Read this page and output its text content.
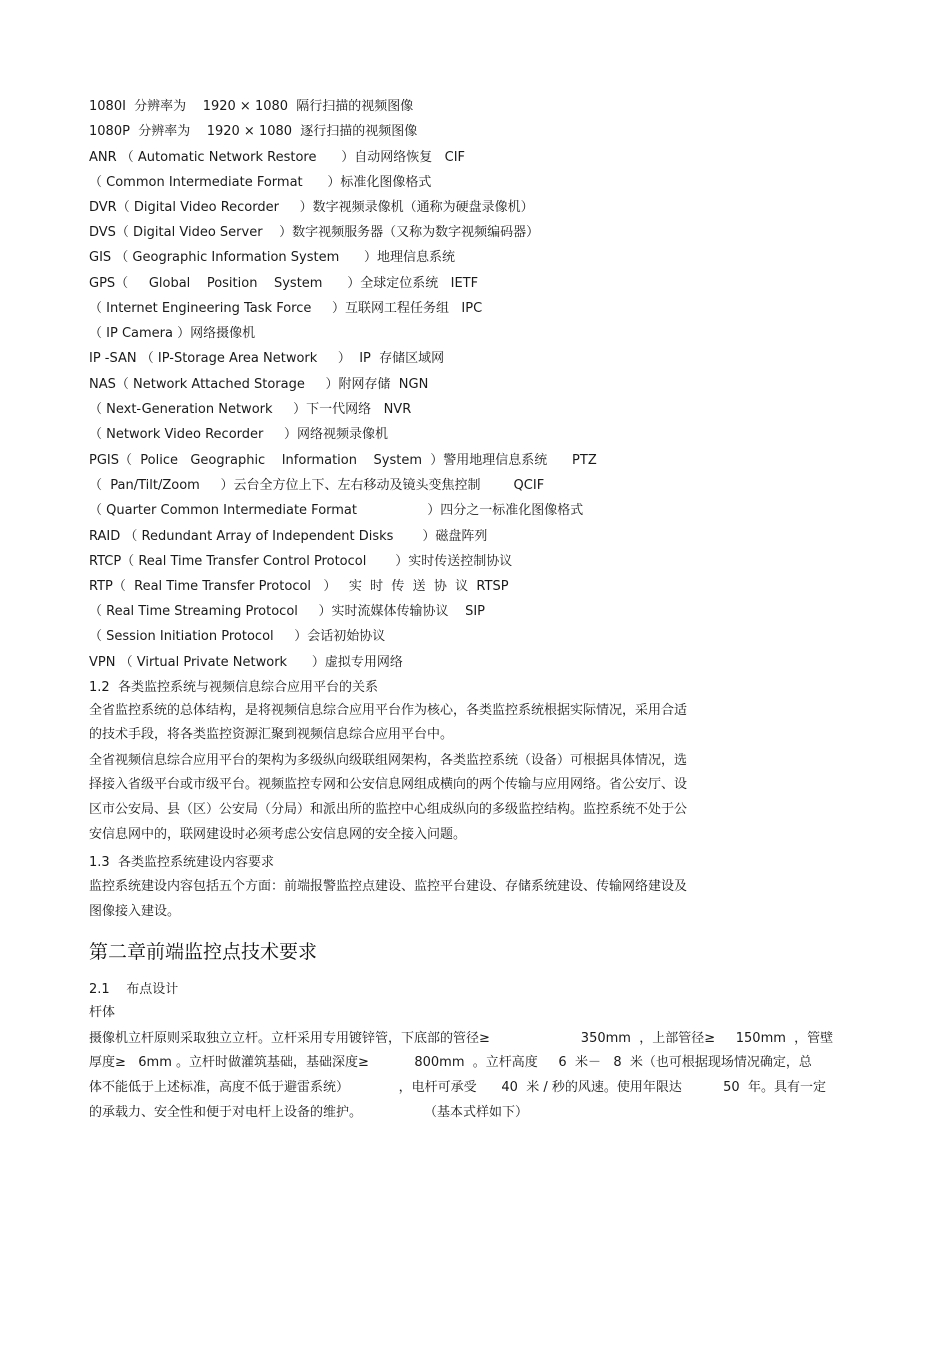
1080I  分辨率为    1920 × 1080  隔行扫描的视频图像
1080P  分辨率为    1920 × 1080  逐行扫描的视频图像
ANR （ Automatic Network Restore      ）自动网络恢复   CIF
（ Common Intermediate Format      ）标准化图像格式
DVR（ Digital Video Recorder     ）数字视频录像机（通称为硬盘录像机）
DVS（ Digital Video Server    ）数字视频服务器（又称为数字视频编码器）
GIS （ Geographic Information System      ）地理信息系统
GPS（     Global    Position    System      ）全球定位系统   IETF
（ Internet Engineering Task Force     ）互联网工程任务组   IPC
（ IP Camera ）网络摄像机
IP -SAN （ IP-Storage Area Network     ）  IP  存储区域网
NAS（ Network Attached Storage     ）附网存储  NGN
（ Next-Generation Network     ）下一代网络   NVR
（ Network Video Recorder     ）网络视频录像机
PGIS（  Police   Geographic    Information    System  ）警用地理信息系统      PTZ
（  Pan/Tilt/Zoom     ）云台全方位上下、左右移动及镜头变焦控制        QCIF
（ Quarter Common Intermediate Format                 ）四分之一标准化图像格式
RAID （ Redundant Array of Independent Disks       ）磁盘阵列
RTCP（ Real Time Transfer Control Protocol       ）实时传送控制协议
RTP（  Real Time Transfer Protocol   ）   实  时  传  送  协  议  RTSP
（ Real Time Streaming Protocol     ）实时流媒体传输协议    SIP
（ Session Initiation Protocol     ）会话初始协议
VPN （ Virtual Private Network      ）虚拟专用网络
1.2  各类监控系统与视频信息综合应用平台的关系
全省监控系统的总体结构，是将视频信息综合应用平台作为核心，各类监控系统根据实际情况，采用合适
的技术手段，将各类监控资源汇聚到视频信息综合应用平台中。
全省视频信息综合应用平台的架构为多级纵向级联组网架构，各类监控系统（设备）可根据具体情况，选
择接入省级平台或市级平台。视频监控专网和公安信息网组成横向的两个传输与应用网络。省公安厅、设
区市公安局、县（区）公安局（分局）和派出所的监控中心组成纵向的多级监控结构。监控系统不处于公
安信息网中的，联网建设时必须考虑公安信息网的安全接入问题。
1.3  各类监控系统建设内容要求
监控系统建设内容包括五个方面：前端报警监控点建设、监控平台建设、存储系统建设、传输网络建设及
图像接入建设。
第二章前端监控点技术要求
2.1    布点设计
杆体
摄像机立杆原则采取独立立杆。立杆采用专用镀锌管，下底部的管径≥                      350mm  ，上部管径≥     150mm  ，管壁
厚度≥   6mm 。立杆时做灌筑基础，基础深度≥           800mm  。立杆高度     6  米－   8  米（也可根据现场情况确定，总
体不能低于上述标准，高度不低于避雷系统）            ，电杆可承受      40  米 / 秒的风速。使用年限达          50  年。具有一定
的承载力、安全性和便于对电杆上设备的维护。               （基本式样如下）
